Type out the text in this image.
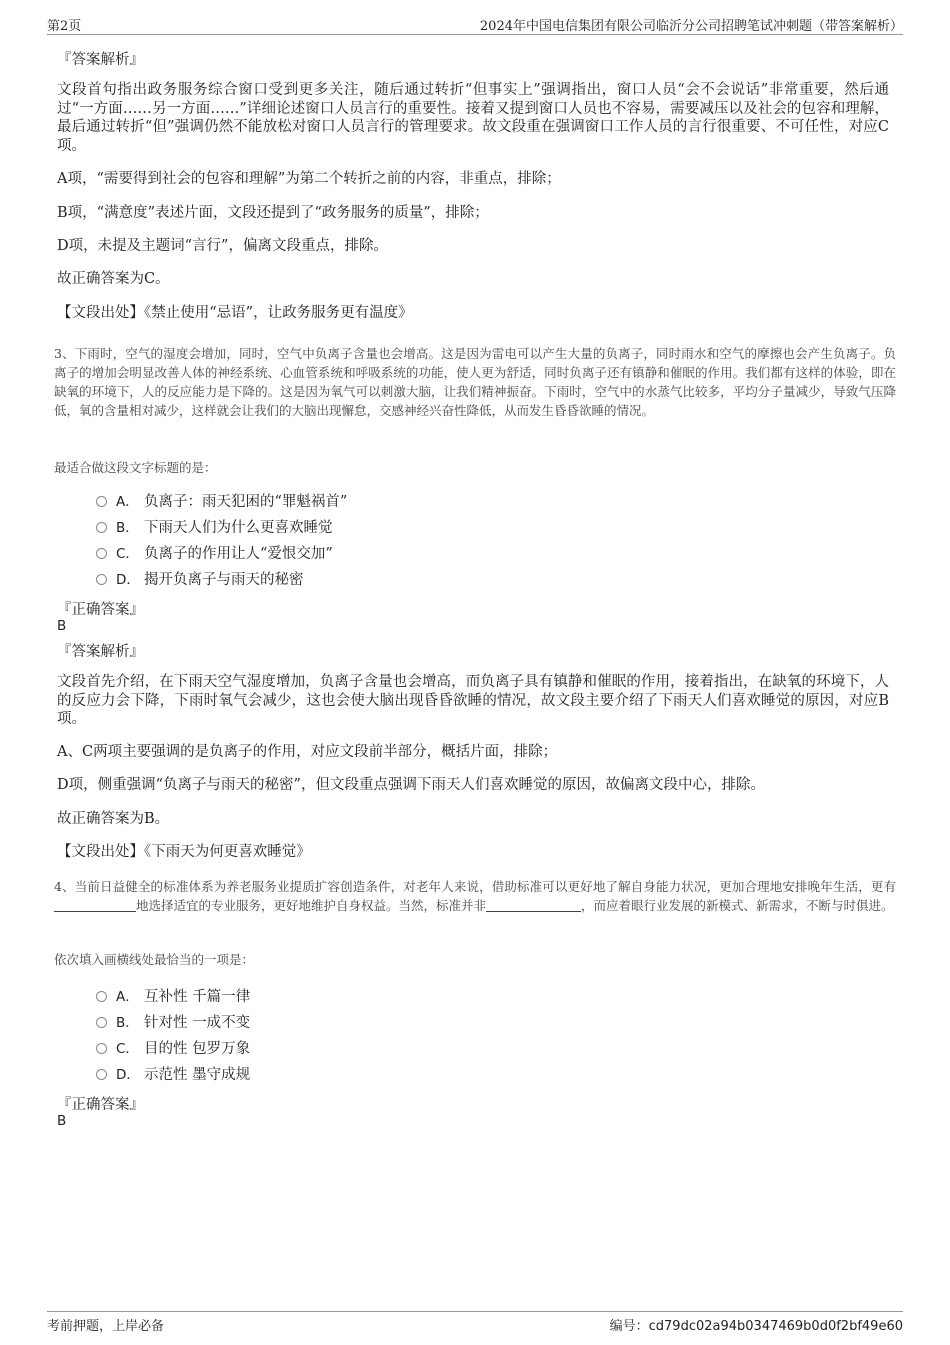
第2页	2024年中国电信集团有限公司临沂分公司招聘笔试冲刺题（带答案解析）
『答案解析』
文段首句指出政务服务综合窗口受到更多关注，随后通过转折“但事实上”强调指出，窗口人员“会不会说话”非常重要，然后通过“一方面……另一方面……”详细论述窗口人员言行的重要性。接着又提到窗口人员也不容易，需要减压以及社会的包容和理解，最后通过转折“但”强调仍然不能放松对窗口人员言行的管理要求。故文段重在强调窗口工作人员的言行很重要、不可任性，对应C项。
A项，“需要得到社会的包容和理解”为第二个转折之前的内容，非重点，排除；
B项，“满意度”表述片面，文段还提到了“政务服务的质量”，排除；
D项，未提及主题词“言行”，偏离文段重点，排除。
故正确答案为C。
【文段出处】《禁止使用“忌语”，让政务服务更有温度》
3、下雨时，空气的湿度会增加，同时，空气中负离子含量也会增高。这是因为雷电可以产生大量的负离子，同时雨水和空气的摩擦也会产生负离子。负离子的增加会明显改善人体的神经系统、心血管系统和呼吸系统的功能，使人更为舒适，同时负离子还有镇静和催眠的作用。我们都有这样的体验，即在缺氧的环境下，人的反应能力是下降的。这是因为氧气可以刺激大脑，让我们精神振奋。下雨时，空气中的水蒸气比较多，平均分子量减少，导致气压降低，氧的含量相对减少，这样就会让我们的大脑出现懈怠，交感神经兴奋性降低，从而发生昏昏欲睡的情况。
最适合做这段文字标题的是：
A． 负离子：雨天犯困的“罪魁祸首”
B． 下雨天人们为什么更喜欢睡觉
C． 负离子的作用让人“爱恨交加”
D． 揭开负离子与雨天的秘密
『正确答案』
B
『答案解析』
文段首先介绍，在下雨天空气湿度增加，负离子含量也会增高，而负离子具有镇静和催眠的作用，接着指出，在缺氧的环境下，人的反应力会下降，下雨时氧气会减少，这也会使大脑出现昏昏欲睡的情况，故文段主要介绍了下雨天人们喜欢睡觉的原因，对应B项。
A、C两项主要强调的是负离子的作用，对应文段前半部分，概括片面，排除；
D项，侧重强调“负离子与雨天的秘密”，但文段重点强调下雨天人们喜欢睡觉的原因，故偏离文段中心，排除。
故正确答案为B。
【文段出处】《下雨天为何更喜欢睡觉》
4、当前日益健全的标准体系为养老服务业提质扩容创造条件，对老年人来说，借助标准可以更好地了解自身能力状况，更加合理地安排晚年生活，更有地选择适宜的专业服务，更好地维护自身权益。当然，标准并非	，而应着眼行业发展的新模式、新需求，不断与时俱进。
依次填入画横线处最恰当的一项是：
A． 互补性 千篇一律
B． 针对性 一成不变
C． 目的性 包罗万象
D． 示范性 墨守成规
『正确答案』
B
考前押题，上岸必备	编号：cd79dc02a94b0347469b0d0f2bf49e60
